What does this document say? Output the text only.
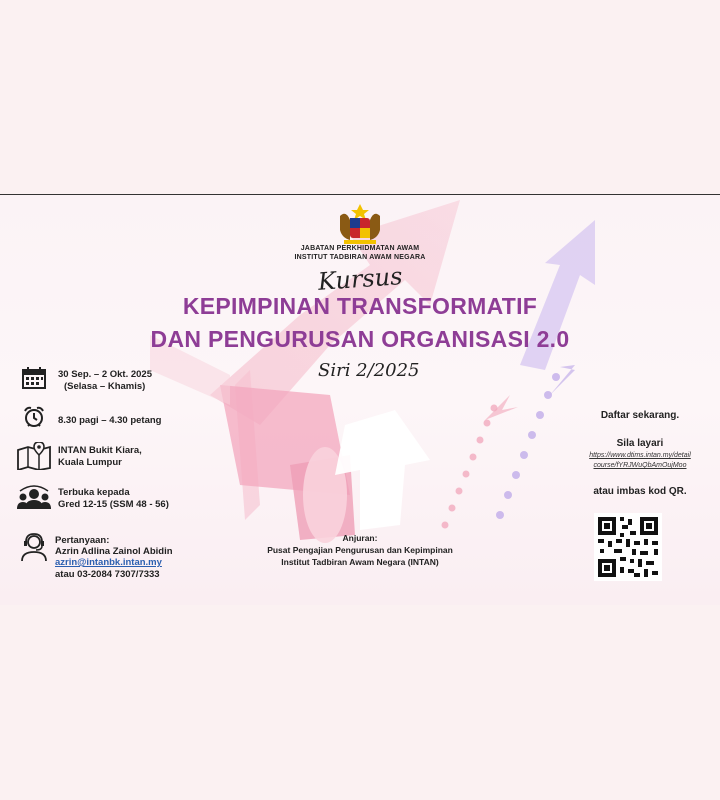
JABATAN PERKHIDMATAN AWAM
INSTITUT TADBIRAN AWAM NEGARA
Kursus
KEPIMPINAN TRANSFORMATIF
DAN PENGURUSAN ORGANISASI 2.0
Siri 2/2025
30 Sep. – 2 Okt. 2025
(Selasa – Khamis)
8.30 pagi – 4.30 petang
INTAN Bukit Kiara,
Kuala Lumpur
Terbuka kepada
Gred 12-15 (SSM 48 - 56)
Pertanyaan:
Azrin Adlina Zainol Abidin
azrin@intanbk.intan.my
atau 03-2084 7307/7333
Anjuran:
Pusat Pengajian Pengurusan dan Kepimpinan
Institut Tadbiran Awam Negara (INTAN)
Daftar sekarang.
Sila layari
https://www.dtims.intan.my/detail
course/fYRJWuQbAmOujMoo
atau imbas kod QR.
